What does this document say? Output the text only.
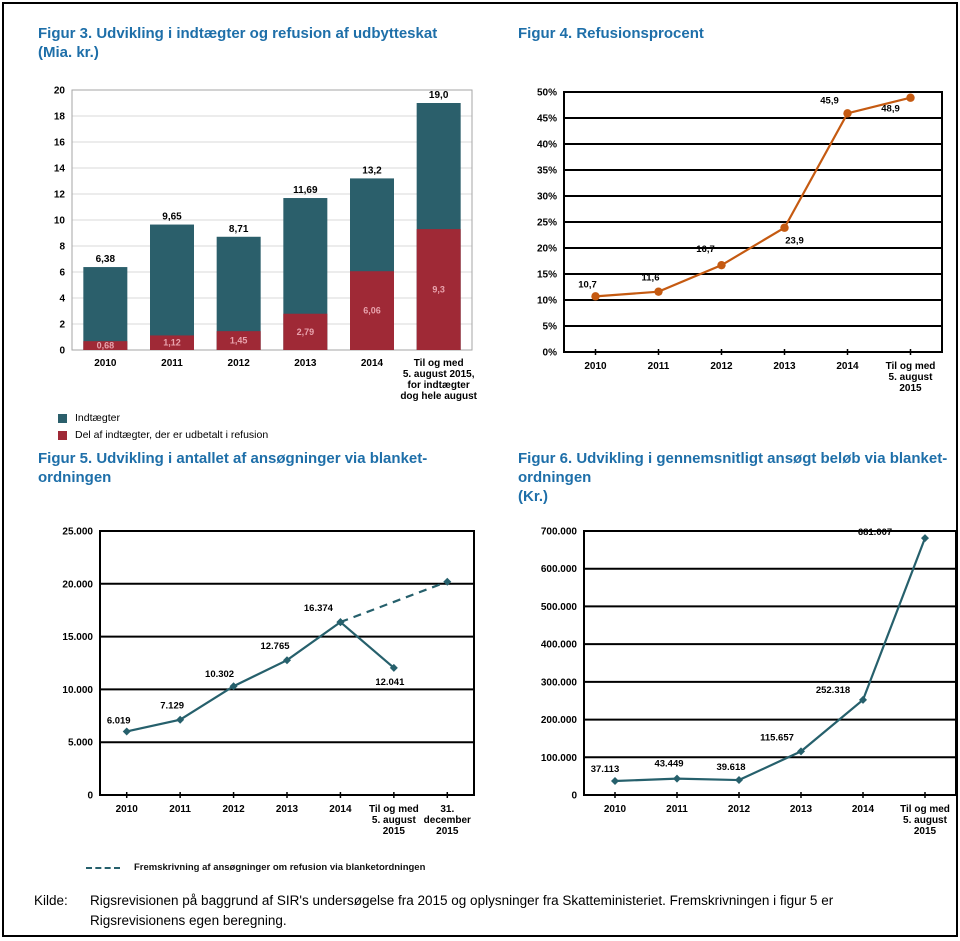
Figur 3. Udvikling i indtægter og refusion af udbytteskat
(Mia. kr.)
0
2
4
6
8
10
12
14
16
18
20
2010	2011	2012	2013	2014	Til og med
5. august 2015,
for indtægter
dog hele august
6,38
0,68
9,65
1,12
8,71
1,45
11,69
2,79
13,2
6,06
19,0
9,3
Indtægter
Del af indtægter, der er udbetalt i refusion
Figur 4. Refusionsprocent
0%
5%
10%
15%
20%
25%
30%
35%
40%
45%
50%
2010	2011	2012	2013	2014	Til og med
5. august
2015
10,7
11,6
16,7
23,9
45,9
48,9
Figur 5. Udvikling i antallet af ansøgninger via blanket-
ordningen
0
5.000
10.000
15.000
20.000
25.000
2010	2011	2012	2013	2014 Til og med
5. august
2015
31.
december
2015
6.019
7.129
10.302
12.765
16.374
12.041
Fremskrivning af ansøgninger om refusion via blanketordningen
Figur 6. Udvikling i gennemsnitligt ansøgt beløb via blanket-
ordningen
(Kr.)
0
100.000
200.000
300.000
400.000
500.000
600.000
700.000
2010	2011	2012	2013	2014	Til og med
5. august
2015
37.113	43.449	39.618
115.657
252.318
681.007
Kilde:	Rigsrevisionen på baggrund af SIR's undersøgelse fra 2015 og oplysninger fra Skatteministeriet. Fremskrivningen i figur 5 er Rigsrevisionens egen beregning.
